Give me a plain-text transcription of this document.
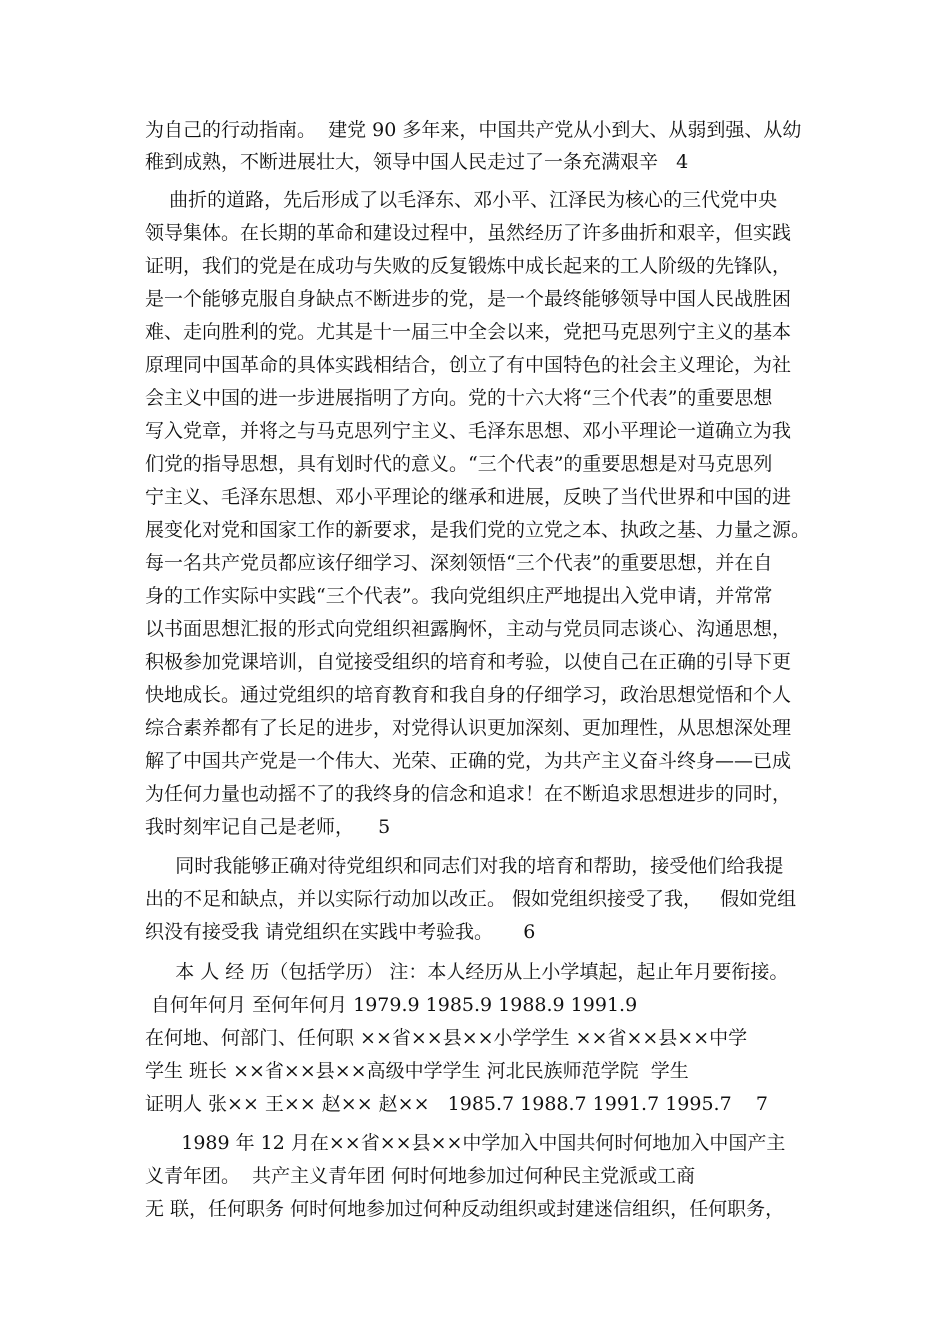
为自己的行动指南。  建党 90 多年来，中国共产党从小到大、从弱到强、从幼
稚到成熟，不断进展壮大，领导中国人民走过了一条充满艰辛   4
曲折的道路，先后形成了以毛泽东、邓小平、江泽民为核心的三代党中央
领导集体。在长期的革命和建设过程中，虽然经历了许多曲折和艰辛，但实践
证明，我们的党是在成功与失败的反复锻炼中成长起来的工人阶级的先锋队，
是一个能够克服自身缺点不断进步的党，是一个最终能够领导中国人民战胜困
难、走向胜利的党。尤其是十一届三中全会以来，党把马克思列宁主义的基本
原理同中国革命的具体实践相结合，创立了有中国特色的社会主义理论，为社
会主义中国的进一步进展指明了方向。党的十六大将“三个代表”的重要思想
写入党章，并将之与马克思列宁主义、毛泽东思想、邓小平理论一道确立为我
们党的指导思想，具有划时代的意义。“三个代表”的重要思想是对马克思列
宁主义、毛泽东思想、邓小平理论的继承和进展，反映了当代世界和中国的进
展变化对党和国家工作的新要求，是我们党的立党之本、执政之基、力量之源。
每一名共产党员都应该仔细学习、深刻领悟“三个代表”的重要思想，并在自
身的工作实际中实践“三个代表”。我向党组织庄严地提出入党申请，并常常
以书面思想汇报的形式向党组织袒露胸怀，主动与党员同志谈心、沟通思想，
积极参加党课培训，自觉接受组织的培育和考验，以使自己在正确的引导下更
快地成长。通过党组织的培育教育和我自身的仔细学习，政治思想觉悟和个人
综合素养都有了长足的进步，对党得认识更加深刻、更加理性，从思想深处理
解了中国共产党是一个伟大、光荣、正确的党，为共产主义奋斗终身——已成
为任何力量也动摇不了的我终身的信念和追求！在不断追求思想进步的同时，
我时刻牢记自己是老师，    5
同时我能够正确对待党组织和同志们对我的培育和帮助，接受他们给我提
出的不足和缺点，并以实际行动加以改正。 假如党组织接受了我，   假如党组
织没有接受我 请党组织在实践中考验我。     6
本 人 经 历（包括学历） 注：本人经历从上小学填起，起止年月要衔接。
自何年何月 至何年何月 1979.9 1985.9 1988.9 1991.9
在何地、何部门、任何职 ××省××县××小学学生 ××省××县××中学
学生 班长 ××省××县××高级中学学生 河北民族师范学院  学生
证明人 张×× 王×× 赵×× 赵××   1985.7 1988.7 1991.7 1995.7    7
1989 年 12 月在××省××县××中学加入中国共何时何地加入中国产主
义青年团。  共产主义青年团 何时何地参加过何种民主党派或工商
无 联，任何职务 何时何地参加过何种反动组织或封建迷信组织，任何职务，
